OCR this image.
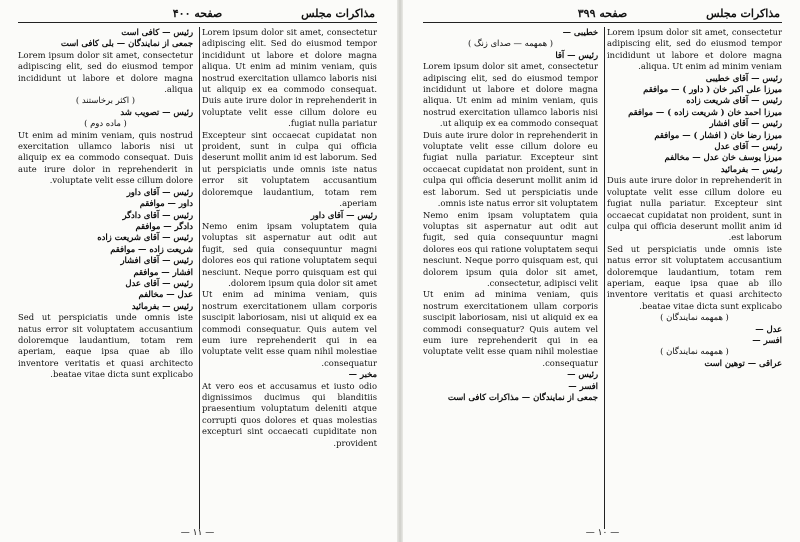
مذاكرات مجلس
صفحه ۴۰۰

Lorem ipsum dolor sit amet, consectetur adipiscing elit. Sed do eiusmod tempor incididunt ut labore et dolore magna aliqua. Ut enim ad minim veniam, quis nostrud exercitation ullamco laboris nisi ut aliquip ex ea commodo consequat. Duis aute irure dolor in reprehenderit in voluptate velit esse cillum dolore eu fugiat nulla pariatur.

Excepteur sint occaecat cupidatat non proident, sunt in culpa qui officia deserunt mollit anim id est laborum. Sed ut perspiciatis unde omnis iste natus error sit voluptatem accusantium doloremque laudantium, totam rem aperiam.

رئیس — آقای داور

Nemo enim ipsam voluptatem quia voluptas sit aspernatur aut odit aut fugit, sed quia consequuntur magni dolores eos qui ratione voluptatem sequi nesciunt. Neque porro quisquam est qui dolorem ipsum quia dolor sit amet.

Ut enim ad minima veniam, quis nostrum exercitationem ullam corporis suscipit laboriosam, nisi ut aliquid ex ea commodi consequatur. Quis autem vel eum iure reprehenderit qui in ea voluptate velit esse quam nihil molestiae consequatur.

مخبر —

At vero eos et accusamus et iusto odio dignissimos ducimus qui blanditiis praesentium voluptatum deleniti atque corrupti quos dolores et quas molestias excepturi sint occaecati cupiditate non provident.

رئیس — کافی است
جمعی از نمایندگان — بلی کافی است

Lorem ipsum dolor sit amet, consectetur adipiscing elit, sed do eiusmod tempor incididunt ut labore et dolore magna aliqua.

( اکثر برخاستند )
رئیس — تصویب شد
( ماده دوم )

Ut enim ad minim veniam, quis nostrud exercitation ullamco laboris nisi ut aliquip ex ea commodo consequat. Duis aute irure dolor in reprehenderit in voluptate velit esse cillum dolore.

رئیس — آقای داور
داور — موافقم
رئیس — آقای دادگر
دادگر — موافقم
رئیس — آقای شریعت زاده
شریعت زاده — موافقم
رئیس — آقای افشار
افشار — موافقم
رئیس — آقای عدل
عدل — مخالفم
رئیس — بفرمائید

Sed ut perspiciatis unde omnis iste natus error sit voluptatem accusantium doloremque laudantium, totam rem aperiam, eaque ipsa quae ab illo inventore veritatis et quasi architecto beatae vitae dicta sunt explicabo.

— ۱۱ —
مذاكرات مجلس
صفحه ۳۹۹

Lorem ipsum dolor sit amet, consectetur adipiscing elit, sed do eiusmod tempor incididunt ut labore et dolore magna aliqua. Ut enim ad minim veniam.

رئیس — آقای خطیبی
میرزا علی اکبر خان ( داور ) — موافقم
رئیس — آقای شریعت زاده
میرزا احمد خان ( شریعت زاده ) — موافقم
رئیس — آقای افشار
میرزا رضا خان ( افشار ) — موافقم
رئیس — آقای عدل
میرزا یوسف خان عدل — مخالفم
رئیس — بفرمائید

Duis aute irure dolor in reprehenderit in voluptate velit esse cillum dolore eu fugiat nulla pariatur. Excepteur sint occaecat cupidatat non proident, sunt in culpa qui officia deserunt mollit anim id est laborum.

Sed ut perspiciatis unde omnis iste natus error sit voluptatem accusantium doloremque laudantium, totam rem aperiam, eaque ipsa quae ab illo inventore veritatis et quasi architecto beatae vitae dicta sunt explicabo.

( همهمه نمایندگان )
عدل —
افسر —
( همهمه نمایندگان )
عراقی — توهین است
خطیبی —
( همهمه — صدای زنگ )
رئیس — آقا

Lorem ipsum dolor sit amet, consectetur adipiscing elit, sed do eiusmod tempor incididunt ut labore et dolore magna aliqua. Ut enim ad minim veniam, quis nostrud exercitation ullamco laboris nisi ut aliquip ex ea commodo consequat.

Duis aute irure dolor in reprehenderit in voluptate velit esse cillum dolore eu fugiat nulla pariatur. Excepteur sint occaecat cupidatat non proident, sunt in culpa qui officia deserunt mollit anim id est laborum. Sed ut perspiciatis unde omnis iste natus error sit voluptatem.

Nemo enim ipsam voluptatem quia voluptas sit aspernatur aut odit aut fugit, sed quia consequuntur magni dolores eos qui ratione voluptatem sequi nesciunt. Neque porro quisquam est, qui dolorem ipsum quia dolor sit amet, consectetur, adipisci velit.

Ut enim ad minima veniam, quis nostrum exercitationem ullam corporis suscipit laboriosam, nisi ut aliquid ex ea commodi consequatur? Quis autem vel eum iure reprehenderit qui in ea voluptate velit esse quam nihil molestiae consequatur.

رئیس —
افسر —
جمعی از نمایندگان — مذاکرات کافی است
— ۱۰ —
